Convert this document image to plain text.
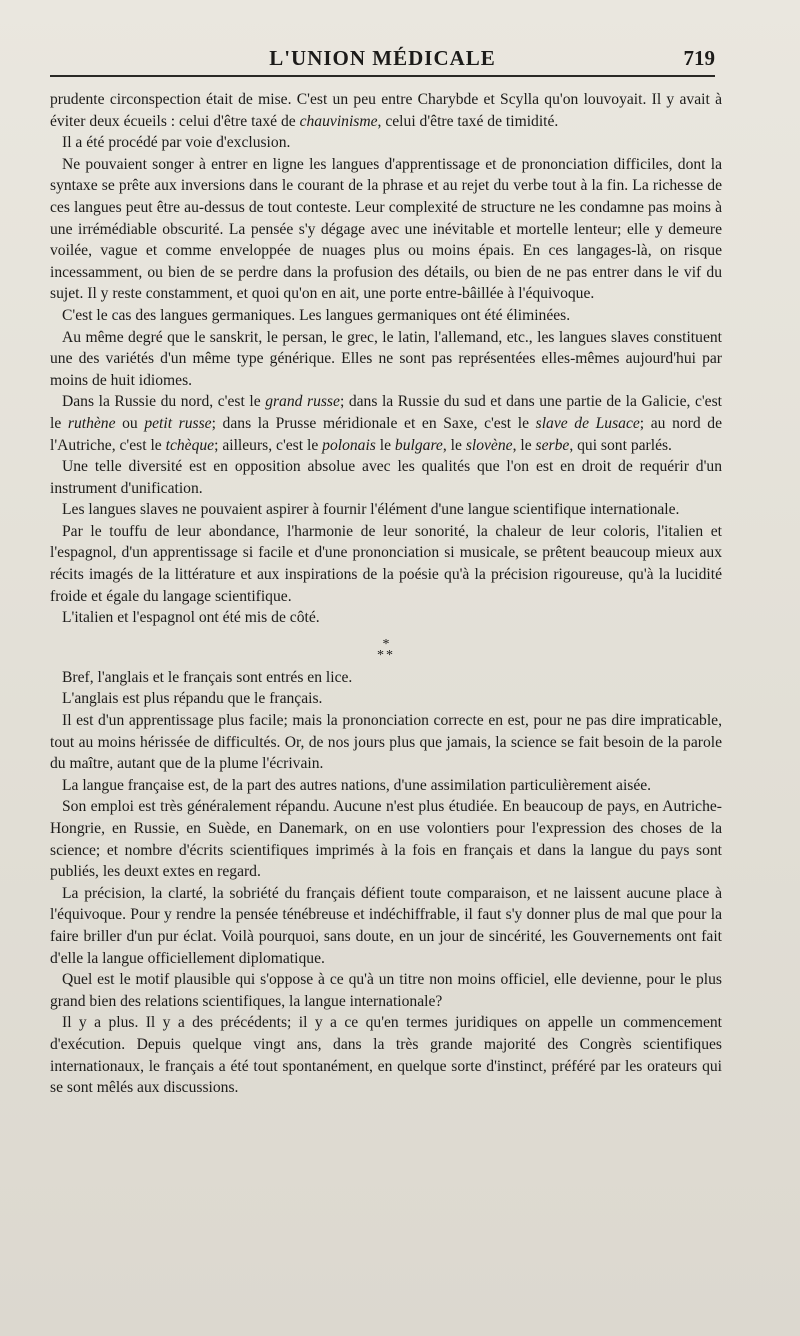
L'UNION MÉDICALE	719

prudente circonspection était de mise. C'est un peu entre Charybde et Scylla qu'on louvoyait. Il y avait à éviter deux écueils : celui d'être taxé de chauvinisme, celui d'être taxé de timidité.

Il a été procédé par voie d'exclusion.

Ne pouvaient songer à entrer en ligne les langues d'apprentissage et de prononciation difficiles, dont la syntaxe se prête aux inversions dans le courant de la phrase et au rejet du verbe tout à la fin. La richesse de ces langues peut être au-dessus de tout conteste. Leur complexité de structure ne les condamne pas moins à une irrémédiable obscurité. La pensée s'y dégage avec une inévitable et mortelle lenteur; elle y demeure voilée, vague et comme enveloppée de nuages plus ou moins épais. En ces langages-là, on risque incessamment, ou bien de se perdre dans la profusion des détails, ou bien de ne pas entrer dans le vif du sujet. Il y reste constamment, et quoi qu'on en ait, une porte entre-bâillée à l'équivoque.

C'est le cas des langues germaniques. Les langues germaniques ont été éliminées.

Au même degré que le sanskrit, le persan, le grec, le latin, l'allemand, etc., les langues slaves constituent une des variétés d'un même type générique. Elles ne sont pas représentées elles-mêmes aujourd'hui par moins de huit idiomes.

Dans la Russie du nord, c'est le grand russe; dans la Russie du sud et dans une partie de la Galicie, c'est le ruthène ou petit russe; dans la Prusse méridionale et en Saxe, c'est le slave de Lusace; au nord de l'Autriche, c'est le tchèque; ailleurs, c'est le polonais le bulgare, le slovène, le serbe, qui sont parlés.

Une telle diversité est en opposition absolue avec les qualités que l'on est en droit de requérir d'un instrument d'unification.

Les langues slaves ne pouvaient aspirer à fournir l'élément d'une langue scientifique internationale.

Par le touffu de leur abondance, l'harmonie de leur sonorité, la chaleur de leur coloris, l'italien et l'espagnol, d'un apprentissage si facile et d'une prononciation si musicale, se prêtent beaucoup mieux aux récits imagés de la littérature et aux inspirations de la poésie qu'à la précision rigoureuse, qu'à la lucidité froide et égale du langage scientifique.

L'italien et l'espagnol ont été mis de côté.

*
**

Bref, l'anglais et le français sont entrés en lice.

L'anglais est plus répandu que le français.

Il est d'un apprentissage plus facile; mais la prononciation correcte en est, pour ne pas dire impraticable, tout au moins hérissée de difficultés. Or, de nos jours plus que jamais, la science se fait besoin de la parole du maître, autant que de la plume l'écrivain.

La langue française est, de la part des autres nations, d'une assimilation particulièrement aisée.

Son emploi est très généralement répandu. Aucune n'est plus étudiée. En beaucoup de pays, en Autriche-Hongrie, en Russie, en Suède, en Danemark, on en use volontiers pour l'expression des choses de la science; et nombre d'écrits scientifiques imprimés à la fois en français et dans la langue du pays sont publiés, les deuxt extes en regard.

La précision, la clarté, la sobriété du français défient toute comparaison, et ne laissent aucune place à l'équivoque. Pour y rendre la pensée ténébreuse et indéchiffrable, il faut s'y donner plus de mal que pour la faire briller d'un pur éclat. Voilà pourquoi, sans doute, en un jour de sincérité, les Gouvernements ont fait d'elle la langue officiellement diplomatique.

Quel est le motif plausible qui s'oppose à ce qu'à un titre non moins officiel, elle devienne, pour le plus grand bien des relations scientifiques, la langue internationale?

Il y a plus. Il y a des précédents; il y a ce qu'en termes juridiques on appelle un commencement d'exécution. Depuis quelque vingt ans, dans la très grande majorité des Congrès scientifiques internationaux, le français a été tout spontanément, en quelque sorte d'instinct, préféré par les orateurs qui se sont mêlés aux discussions.
